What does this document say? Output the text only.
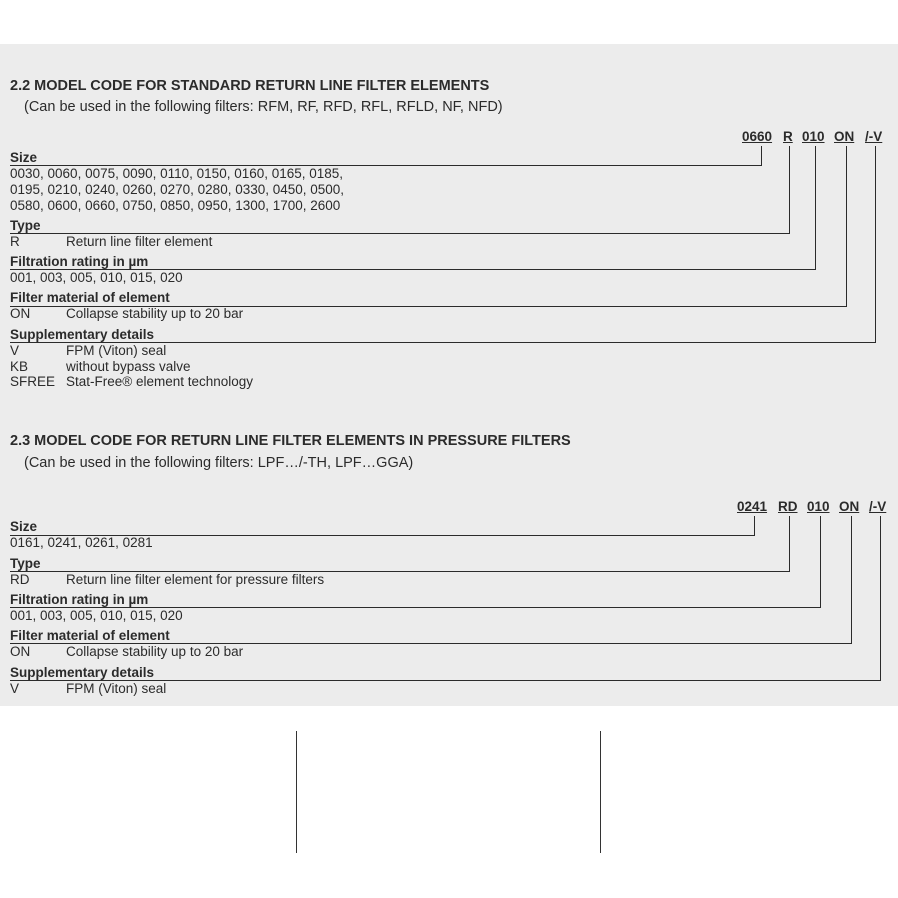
2.2 MODEL CODE FOR STANDARD RETURN LINE FILTER ELEMENTS
(Can be used in the following filters: RFM, RF, RFD, RFL, RFLD, NF, NFD)
0660 R 010 ON /-V
Size
0030, 0060, 0075, 0090, 0110, 0150, 0160, 0165, 0185,
0195, 0210, 0240, 0260, 0270, 0280, 0330, 0450, 0500,
0580, 0600, 0660, 0750, 0850, 0950, 1300, 1700, 2600
Type
R	Return line filter element
Filtration rating in µm
001, 003, 005, 010, 015, 020
Filter material of element
ON	Collapse stability up to 20 bar
Supplementary details
V	FPM (Viton) seal
KB	without bypass valve
SFREE Stat-Free® element technology
2.3 MODEL CODE FOR RETURN LINE FILTER ELEMENTS IN PRESSURE FILTERS
(Can be used in the following filters: LPF…/-TH, LPF…GGA)
0241 RD 010 ON /-V
Size
0161, 0241, 0261, 0281
Type
RD	Return line filter element for pressure filters
Filtration rating in µm
001, 003, 005, 010, 015, 020
Filter material of element
ON	Collapse stability up to 20 bar
Supplementary details
V	FPM (Viton) seal
